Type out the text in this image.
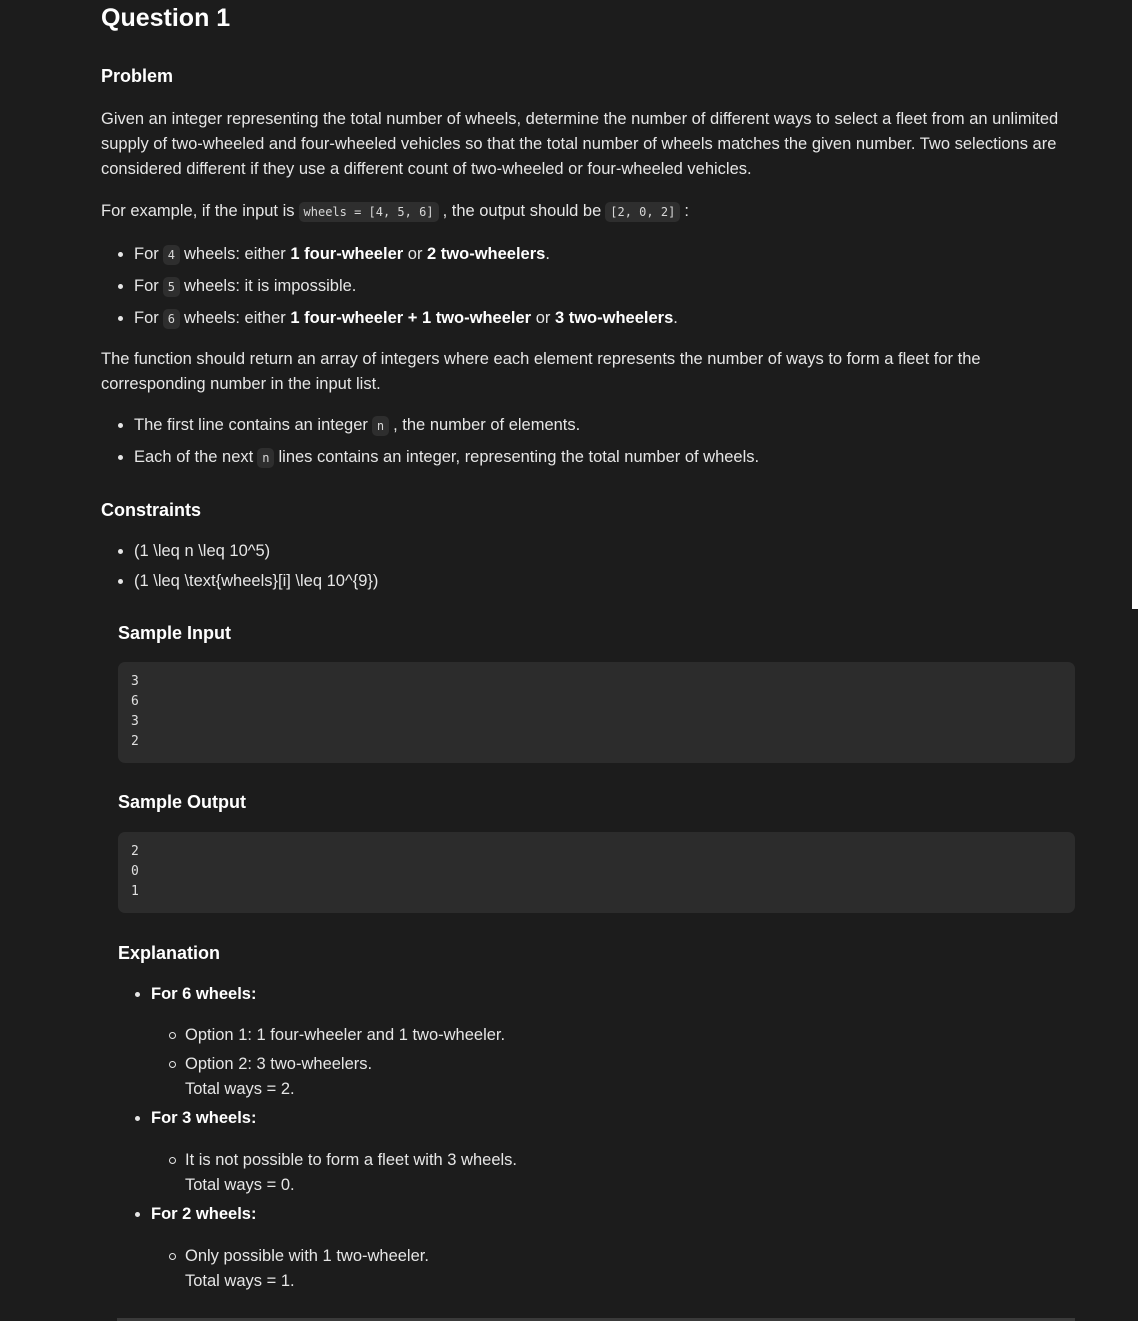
Question 1
Problem

Given an integer representing the total number of wheels, determine the number of different ways to select a fleet from an unlimited supply of two-wheeled and four-wheeled vehicles so that the total number of wheels matches the given number. Two selections are considered different if they use a different count of two-wheeled or four-wheeled vehicles.

For example, if the input is wheels = [4, 5, 6] , the output should be [2, 0, 2] :

For 4 wheels: either 1 four-wheeler or 2 two-wheelers.
For 5 wheels: it is impossible.
For 6 wheels: either 1 four-wheeler + 1 two-wheeler or 3 two-wheelers.

The function should return an array of integers where each element represents the number of ways to form a fleet for the corresponding number in the input list.

The first line contains an integer n , the number of elements.
Each of the next n lines contains an integer, representing the total number of wheels.
Constraints
(1 \leq n \leq 10^5)
(1 \leq \text{wheels}[i] \leq 10^{9})
Sample Input
3
6
3
2
Sample Output
2
0
1
Explanation
For 6 wheels:
Option 1: 1 four-wheeler and 1 two-wheeler.
Option 2: 3 two-wheelers.
Total ways = 2.
For 3 wheels:
It is not possible to form a fleet with 3 wheels.
Total ways = 0.
For 2 wheels:
Only possible with 1 two-wheeler.
Total ways = 1.
